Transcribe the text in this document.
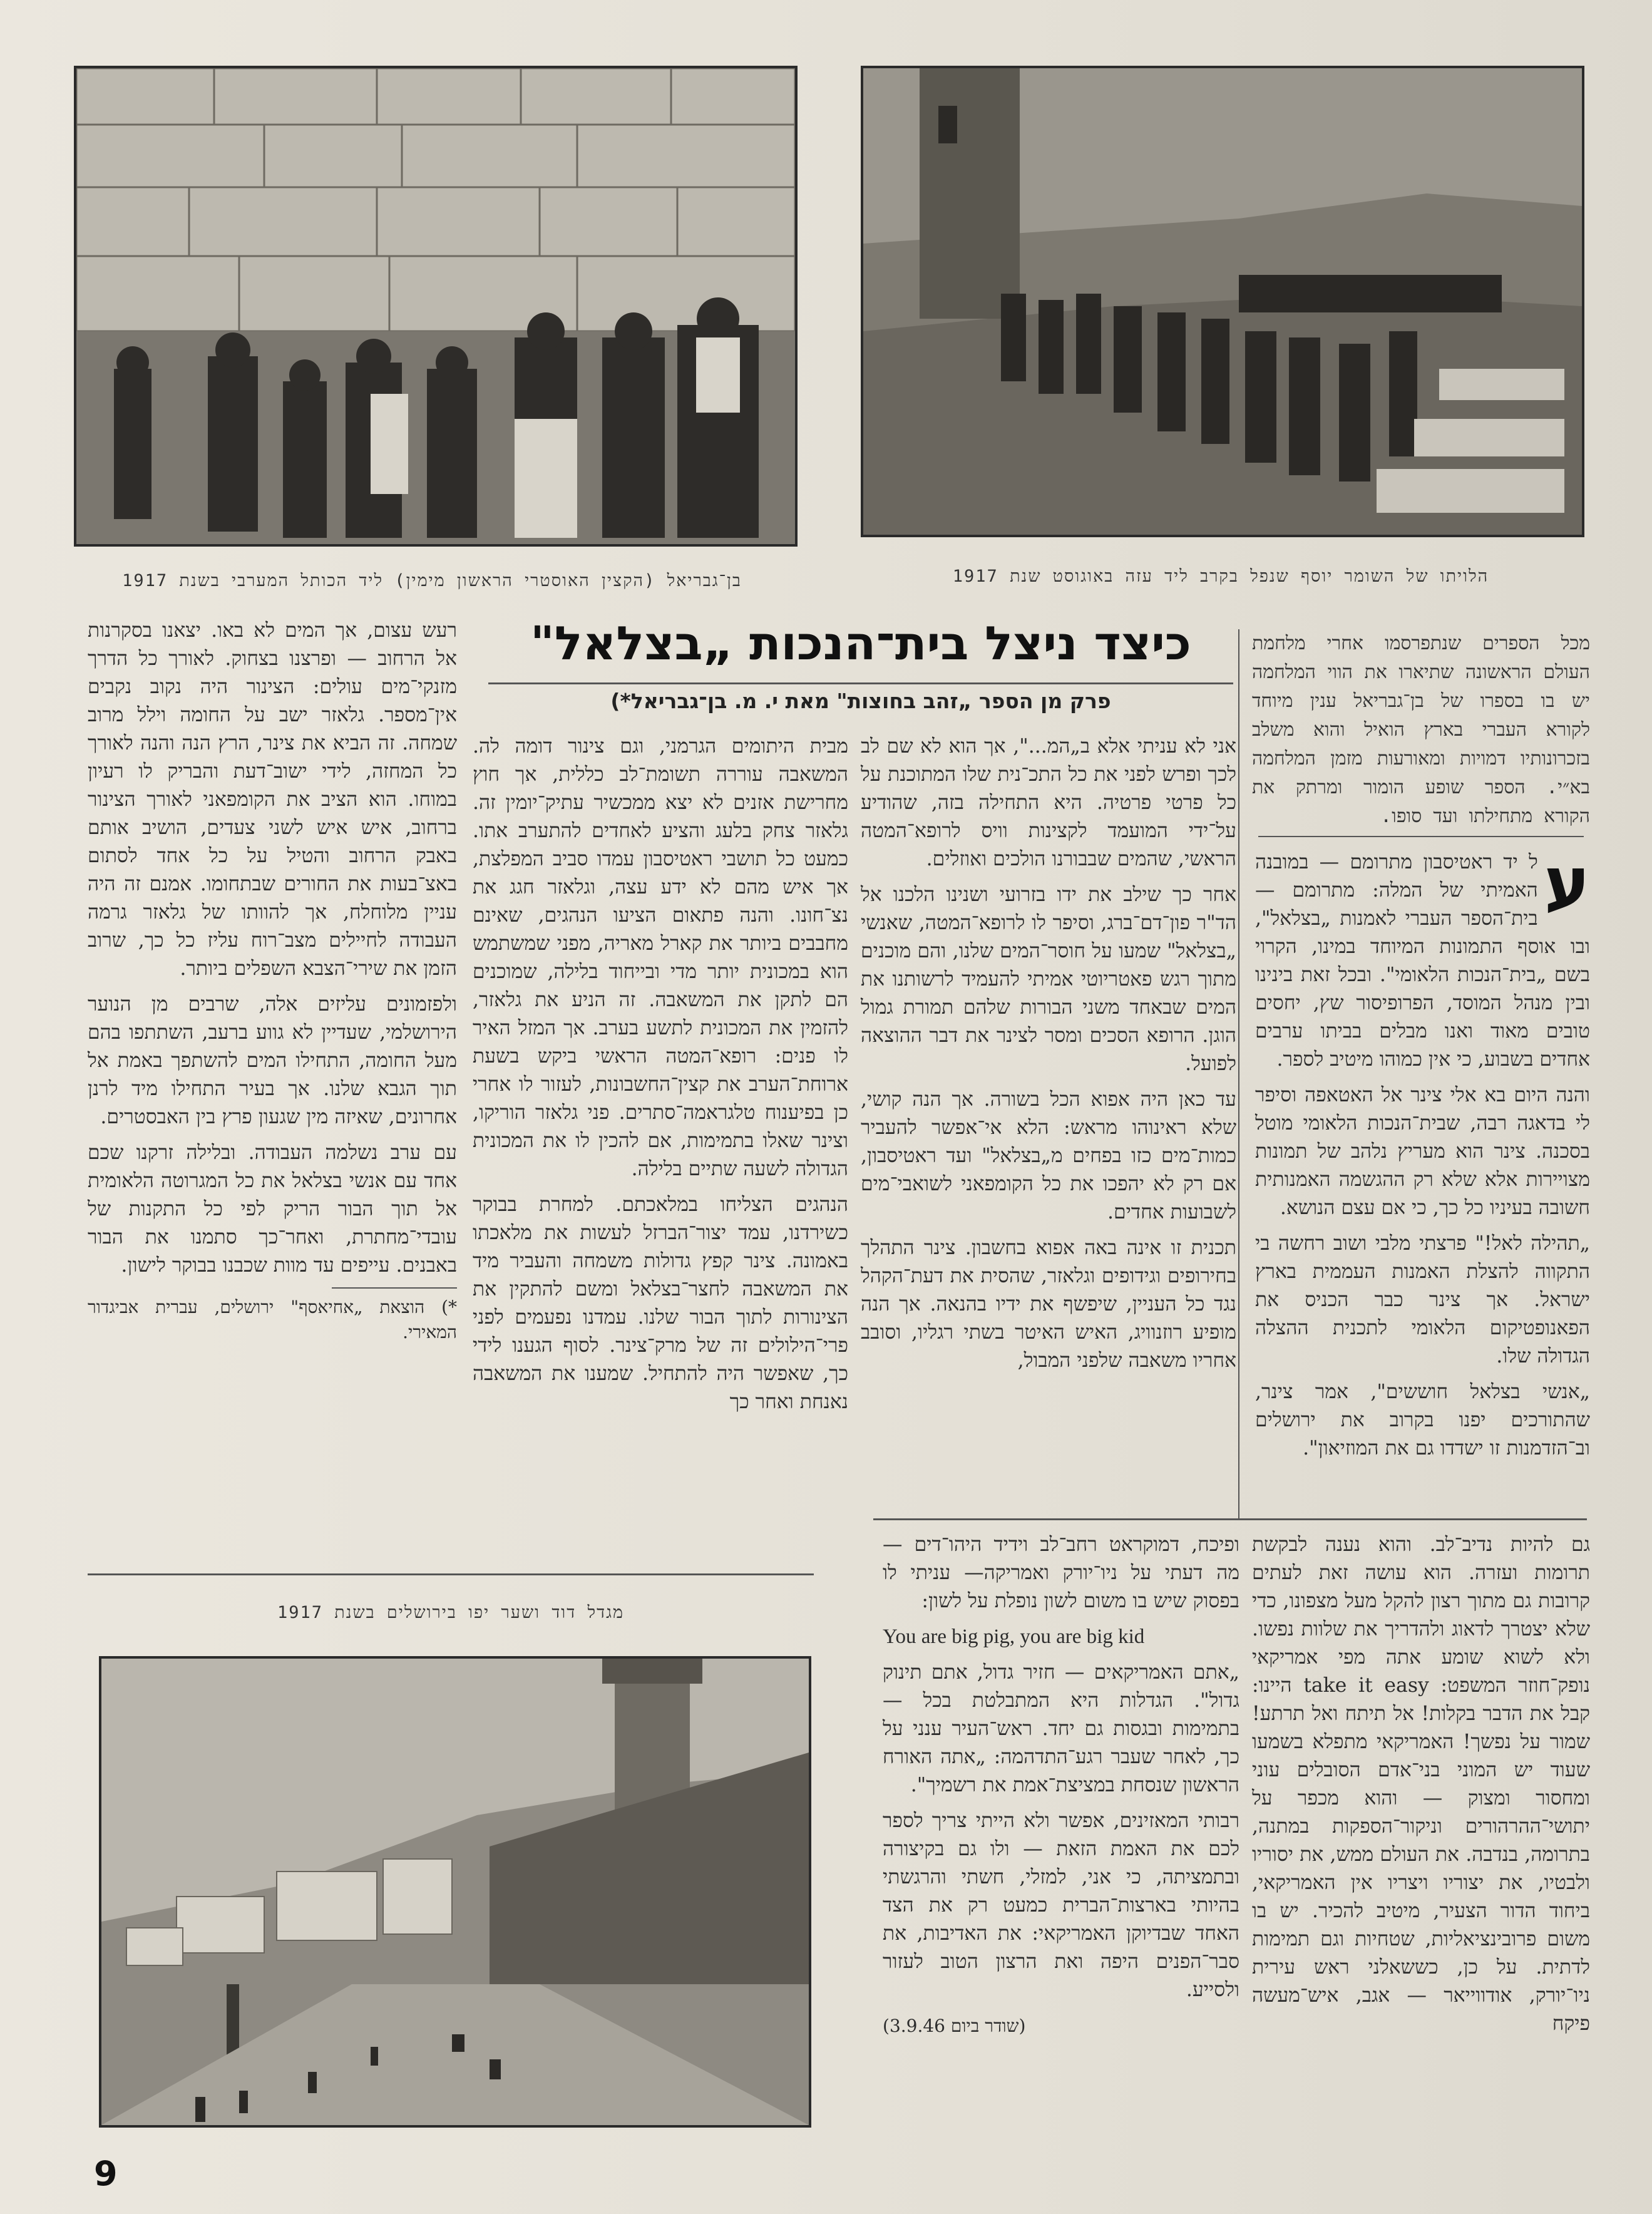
בן־גבריאל (הקצין האוסטרי הראשון מימין) ליד הכותל המערבי בשנת 1917	הלויתו של השומר יוסף שנפל בקרב ליד עזה באוגוסט שנת 1917
כיצד ניצל בית־הנכות „בצלאל"
פרק מן הספר „זהב בחוצות" מאת י. מ. בן־גבריאל*)
מכל הספרים שנתפרסמו אחרי מלחמת העולם הראשונה שתיארו את הווי המלחמה יש בו בספרו של בן־גבריאל ענין מיוחד לקורא העברי בארץ הואיל והוא משלב בזכרונותיו דמויות ומאורעות מזמן המלחמה בא״י. הספר שופע הומור ומרתק את הקורא מתחילתו ועד סופו.
ע

ל יד ראטיסבון מתרומם — במובנה האמיתי של המלה: מתרומם — בית־הספר העברי לאמנות „בצלאל", ובו אוסף התמונות המיוחד במינו, הקרוי בשם „בית־הנכות הלאומי". ובכל זאת בינינו ובין מנהל המוסד, הפרופיסור שץ, יחסים טובים מאוד ואנו מבלים בביתו ערבים אחדים בשבוע, כי אין כמוהו מיטיב לספר.

והנה היום בא אלי צינר אל האטאפה וסיפר לי בדאגה רבה, שבית־הנכות הלאומי מוטל בסכנה. צינר הוא מעריץ נלהב של תמונות מצויירות אלא שלא רק ההגשמה האמנותית חשובה בעיניו כל כך, כי אם עצם הנושא.

„תהילה לאל!" פרצתי מלבי ושוב רחשה בי התקווה להצלת האמנות העממית בארץ ישראל. אך צינר כבר הכניס את הפאנופטיקום הלאומי לתכנית ההצלה הגדולה שלו.

„אנשי בצלאל חוששים", אמר צינר, שהתורכים יפנו בקרוב את ירושלים וב־הזדמנות זו ישדדו גם את המוזיאון".

אני לא עניתי אלא ב„המ...", אך הוא לא שם לב לכך ופרש לפני את כל התכ־נית שלו המתוכנת על כל פרטי פרטיה. היא התחילה בזה, שהודיע על־ידי המועמד לקצינות וויס לרופא־המטה הראשי, שהמים שבבורנו הולכים ואוזלים.

אחר כך שילב את ידו בזרועי ושנינו הלכנו אל הד"ר פון־דם־ברג, וסיפר לו לרופא־המטה, שאנשי „בצלאל" שמעו על חוסר־המים שלנו, והם מוכנים מתוך רגש פאטריוטי אמיתי להעמיד לרשותנו את המים שבאחד משני הבורות שלהם תמורת גמול הוגן. הרופא הסכים ומסר לצינר את דבר ההוצאה לפועל.

עד כאן היה אפוא הכל בשורה. אך הנה קושי, שלא ראינוהו מראש: הלא אי־אפשר להעביר כמות־מים כזו בפחים מ„בצלאל" ועד ראטיסבון, אם רק לא יהפכו את כל הקומפאני לשואבי־מים לשבועות אחדים.

תכנית זו אינה באה אפוא בחשבון. צינר התהלך בחירופים וגידופים וגלאזר, שהסית את דעת־הקהל נגד כל העניין, שיפשף את ידיו בהנאה. אך הנה מופיע רוזנוויג, האיש האיטר בשתי רגליו, וסובב אחריו משאבה שלפני המבול,

מבית היתומים הגרמני, וגם צינור דומה לה. המשאבה עוררה תשומת־לב כללית, אך חוץ מחרישת אזנים לא יצא ממכשיר עתיק־יומין זה. גלאזר צחק בלעג והציע לאחדים להתערב אתו. כמעט כל תושבי ראטיסבון עמדו סביב המפלצת, אך איש מהם לא ידע עצה, וגלאזר חגג את נצ־חונו. והנה פתאום הציעו הנהגים, שאינם מחבבים ביותר את קארל מאריה, מפני שמשתמש הוא במכונית יותר מדי ובייחוד בלילה, שמוכנים הם לתקן את המשאבה. זה הניע את גלאזר, להזמין את המכונית לתשע בערב. אך המזל האיר לו פנים: רופא־המטה הראשי ביקש בשעת ארוחת־הערב את קצין־החשבונות, לעזור לו אחרי כן בפיענוח טלגראמה־סתרים. פני גלאזר הוריקו, וצינר שאלו בתמימות, אם להכין לו את המכונית הגדולה לשעה שתיים בלילה.

הנהגים הצליחו במלאכתם. למחרת בבוקר כשירדנו, עמד יצור־הברזל לעשות את מלאכתו באמונה. צינר קפץ גדולות משמחה והעביר מיד את המשאבה לחצר־בצלאל ומשם להתקין את הצינורות לתוך הבור שלנו. עמדנו נפעמים לפני פרי־הילולים זה של מרק־צינר. לסוף הגענו לידי כך, שאפשר היה להתחיל. שמענו את המשאבה נאנחת ואחר כך

רעש עצום, אך המים לא באו. יצאנו בסקרנות אל הרחוב — ופרצנו בצחוק. לאורך כל הדרך מזנקי־מים עולים: הצינור היה נקוב נקבים אין־מספר. גלאזר ישב על החומה וילל מרוב שמחה. זה הביא את צינר, הרץ הנה והנה לאורך כל המחזה, לידי ישוב־דעת והבריק לו רעיון במוחו. הוא הציב את הקומפאני לאורך הצינור ברחוב, איש איש לשני צעדים, הושיב אותם באבק הרחוב והטיל על כל אחד לסתום באצ־בעות את החורים שבתחומו. אמנם זה היה עניין מלוחלח, אך להוותו של גלאזר גרמה העבודה לחיילים מצב־רוח עליז כל כך, שרוב הזמן את שירי־הצבא השפלים ביותר.

ולפזמונים עליזים אלה, שרבים מן הנוער הירושלמי, שעדיין לא גווע ברעב, השתתפו בהם מעל החומה, התחילו המים להשתפך באמת אל תוך הגבא שלנו. אך בעיר התחילו מיד לרנן אחרונים, שאיזה מין שגעון פרץ בין האבסטרים.

עם ערב נשלמה העבודה. ובלילה זרקנו שכם אחד עם אנשי בצלאל את כל המגרוטה הלאומית אל תוך הבור הריק לפי כל התקנות של עובדי־מחתרת, ואחר־כך סתמנו את הבור באבנים. עייפים עד מוות שכבנו בבוקר לישון.

*) הוצאת „אחיאסף" ירושלים, עברית אביגדור המאירי.

מגדל דוד ושער יפו בירושלים בשנת 1917
גם להיות נדיב־לב. והוא נענה לבקשת תרומות ועזרה. הוא עושה זאת לעתים קרובות גם מתוך רצון להקל מעל מצפונו, כדי שלא יצטרך לדאוג ולהדריך את שלוות נפשו. ולא לשוא שומע אתה מפי אמריקאי נופק־חוזר המשפט: take it easy היינו: קבל את הדבר בקלות! אל תיתח ואל תרתע! שמור על נפשך! האמריקאי מתפלא בשמעו שעוד יש המוני בני־אדם הסובלים עוני ומחסור ומצוק — והוא מכפר על יתושי־ההרהורים וניקור־הספקות במתנה, בתרומה, בנדבה. את העולם ממש, את יסוריו ולבטיו, את יצוריו ויצריו אין האמריקאי, ביחוד הדור הצעיר, מיטיב להכיר. יש בו משום פרובינציאליות, שטחיות וגם תמימות לדתית. על כן, כששאלני ראש עירית ניו־יורק, אודווייאר — אגב, איש־מעשה פיקח

ופיכח, דמוקראט רחב־לב וידיד היהו־דים — מה דעתי על ניו־יורק ואמריקה— עניתי לו בפסוק שיש בו משום לשון נופלת על לשון:

You are big pig, you are big kid

„אתם האמריקאים — חזיר גדול, אתם תינוק גדול". הגדלות היא המתבלטת בכל — בתמימות ובגסות גם יחד. ראש־העיר ענני על כך, לאחר שעבר רגע־התדהמה: „אתה האורח הראשון שנסחת במציצת־אמת את רשמיך".

רבותי המאזינים, אפשר ולא הייתי צריך לספר לכם את האמת הזאת — ולו גם בקיצורה ובתמציתה, כי אני, למזלי, חשתי והרגשתי בהיותי בארצות־הברית כמעט רק את הצד האחד שבדיוקן האמריקאי: את האדיבות, את סבר־הפנים היפה ואת הרצון הטוב לעזור ולסייע.

(שודר ביום 3.9.46)

9
